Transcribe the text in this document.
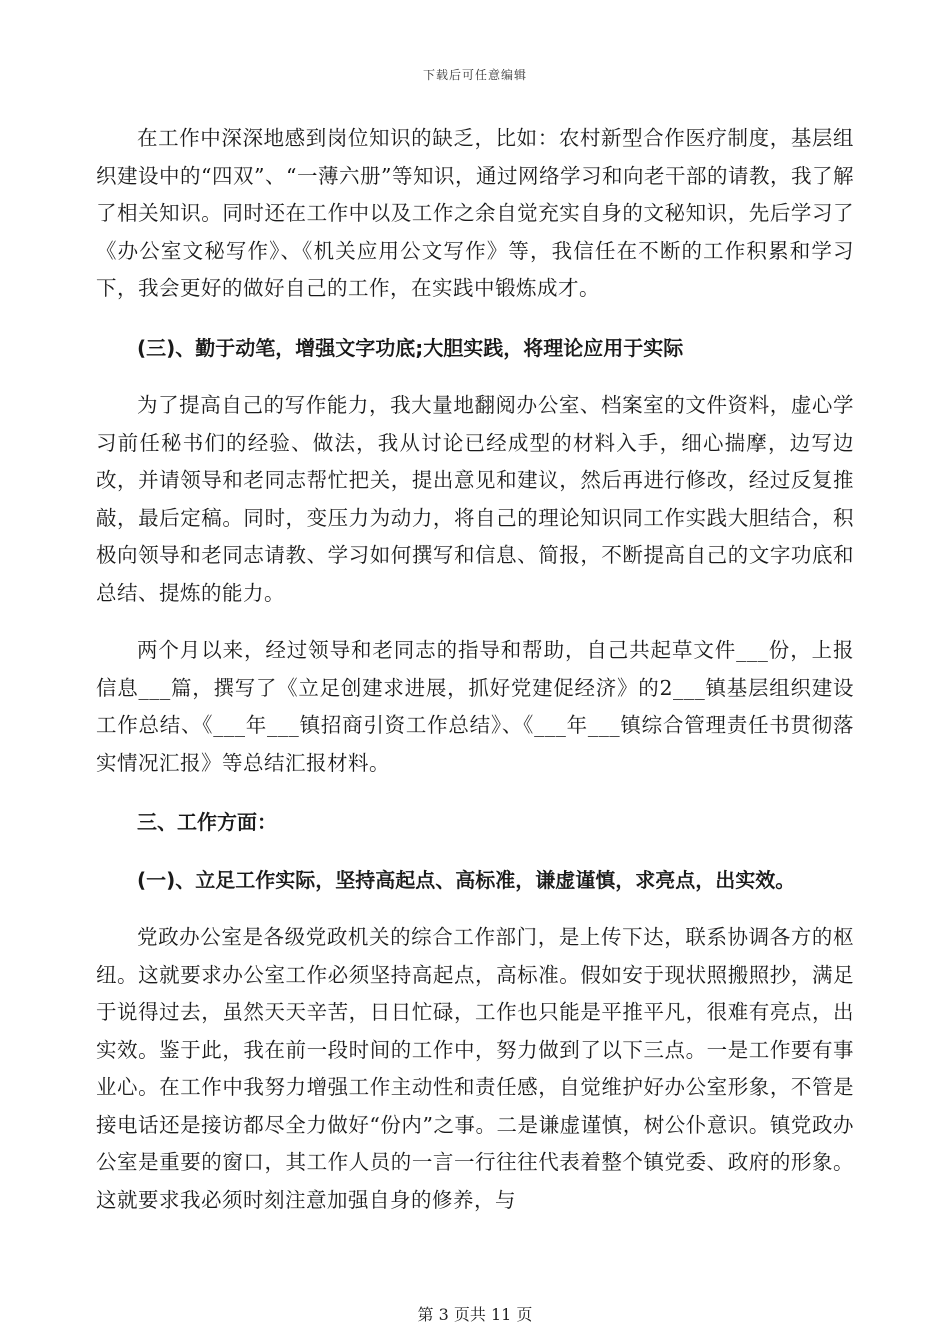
下载后可任意编辑

在工作中深深地感到岗位知识的缺乏，比如：农村新型合作医疗制度，基层组织建设中的“四双”、“一薄六册”等知识，通过网络学习和向老干部的请教，我了解了相关知识。同时还在工作中以及工作之余自觉充实自身的文秘知识，先后学习了《办公室文秘写作》、《机关应用公文写作》等，我信任在不断的工作积累和学习下，我会更好的做好自己的工作，在实践中锻炼成才。

(三)、勤于动笔，增强文字功底;大胆实践，将理论应用于实际

为了提高自己的写作能力，我大量地翻阅办公室、档案室的文件资料，虚心学习前任秘书们的经验、做法，我从讨论已经成型的材料入手，细心揣摩，边写边改，并请领导和老同志帮忙把关，提出意见和建议，然后再进行修改，经过反复推敲，最后定稿。同时，变压力为动力，将自己的理论知识同工作实践大胆结合，积极向领导和老同志请教、学习如何撰写和信息、简报，不断提高自己的文字功底和总结、提炼的能力。

两个月以来，经过领导和老同志的指导和帮助，自己共起草文件___份，上报信息___篇，撰写了《立足创建求进展，抓好党建促经济》的2___镇基层组织建设工作总结、《___年___镇招商引资工作总结》、《___年___镇综合管理责任书贯彻落实情况汇报》等总结汇报材料。

三、工作方面：

(一)、立足工作实际，坚持高起点、高标准，谦虚谨慎，求亮点，出实效。

党政办公室是各级党政机关的综合工作部门，是上传下达，联系协调各方的枢纽。这就要求办公室工作必须坚持高起点，高标准。假如安于现状照搬照抄，满足于说得过去，虽然天天辛苦，日日忙碌，工作也只能是平推平凡，很难有亮点，出实效。鉴于此，我在前一段时间的工作中，努力做到了以下三点。一是工作要有事业心。在工作中我努力增强工作主动性和责任感，自觉维护好办公室形象，不管是接电话还是接访都尽全力做好“份内”之事。二是谦虚谨慎，树公仆意识。镇党政办公室是重要的窗口，其工作人员的一言一行往往代表着整个镇党委、政府的形象。这就要求我必须时刻注意加强自身的修养，与

第 3 页共 11 页
